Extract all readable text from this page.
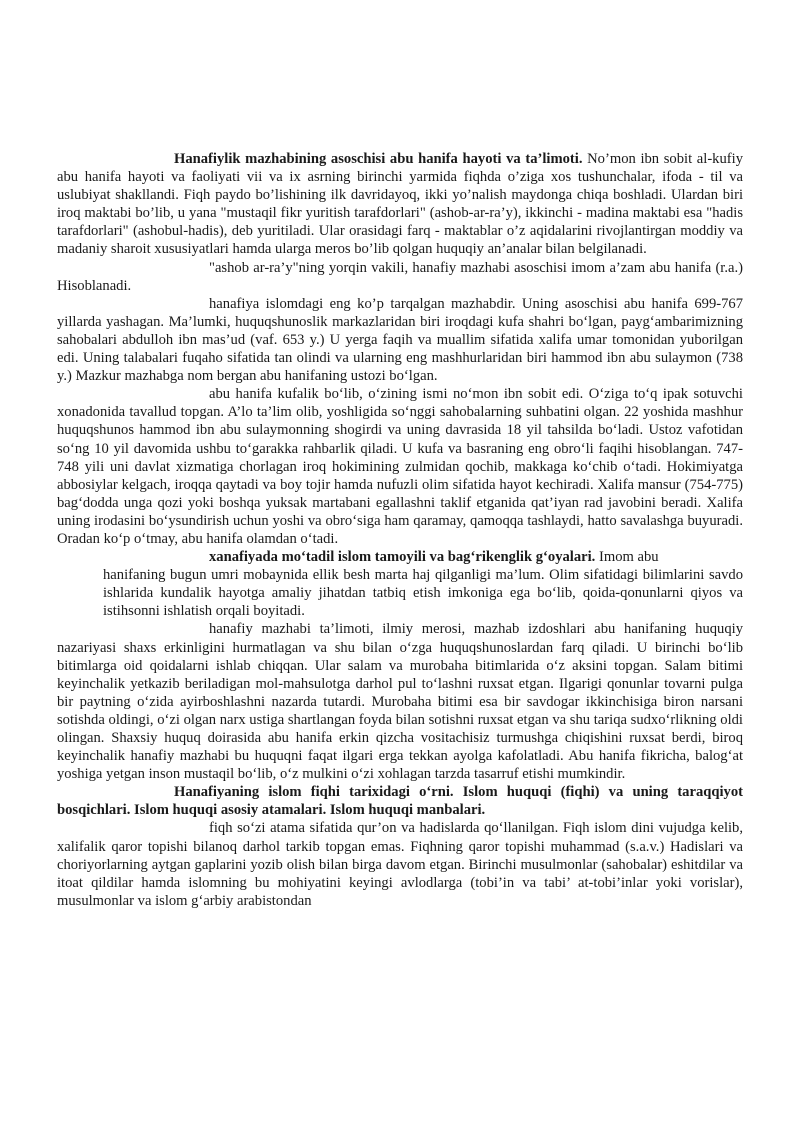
Hanafiylik mazhabining asoschisi abu hanifa hayoti va ta’limoti. No’mon ibn sobit al-kufiy abu hanifa hayoti va faoliyati vii va ix asrning birinchi yarmida fiqhda o’ziga xos tushunchalar, ifoda - til va uslubiyat shakllandi. Fiqh paydo bo’lishining ilk davridayoq, ikki yo’nalish maydonga chiqa boshladi. Ulardan biri iroq maktabi bo’lib, u yana "mustaqil fikr yuritish tarafdorlari" (ashob-ar-ra’y), ikkinchi - madina maktabi esa "hadis tarafdorlari" (ashobul-hadis), deb yuritiladi. Ular orasidagi farq - maktablar o’z aqidalarini rivojlantirgan moddiy va madaniy sharoit xususiyatlari hamda ularga meros bo’lib qolgan huquqiy an’analar bilan belgilanadi.

"ashob ar-ra’y"ning yorqin vakili, hanafiy mazhabi asoschisi imom a’zam abu hanifa (r.a.) Hisoblanadi.

hanafiya islomdagi eng ko’p tarqalgan mazhabdir. Uning asoschisi abu hanifa 699-767 yillarda yashagan. Ma’lumki, huquqshunoslik markazlaridan biri iroqdagi kufa shahri bo‘lgan, payg‘ambarimizning sahobalari abdulloh ibn mas’ud (vaf. 653 y.) U yerga faqih va muallim sifatida xalifa umar tomonidan yuborilgan edi. Uning talabalari fuqaho sifatida tan olindi va ularning eng mashhurlaridan biri hammod ibn abu sulaymon (738 y.) Mazkur mazhabga nom bergan abu hanifaning ustozi bo‘lgan.

abu hanifa kufalik bo‘lib, o‘zining ismi no‘mon ibn sobit edi. O‘ziga to‘q ipak sotuvchi xonadonida tavallud topgan. A’lo ta’lim olib, yoshligida so‘nggi sahobalarning suhbatini olgan. 22 yoshida mashhur huquqshunos hammod ibn abu sulaymonning shogirdi va uning davrasida 18 yil tahsilda bo‘ladi. Ustoz vafotidan so‘ng 10 yil davomida ushbu to‘garakka rahbarlik qiladi. U kufa va basraning eng obro‘li faqihi hisoblangan. 747-748 yili uni davlat xizmatiga chorlagan iroq hokimining zulmidan qochib, makkaga ko‘chib o‘tadi. Hokimiyatga abbosiylar kelgach, iroqqa qaytadi va boy tojir hamda nufuzli olim sifatida hayot kechiradi. Xalifa mansur (754-775) bag‘dodda unga qozi yoki boshqa yuksak martabani egallashni taklif etganida qat’iyan rad javobini beradi. Xalifa uning irodasini bo‘ysundirish uchun yoshi va obro‘siga ham qaramay, qamoqqa tashlaydi, hatto savalashga buyuradi. Oradan ko‘p o‘tmay, abu hanifa olamdan o‘tadi.

xanafiyada mo‘tadil islom tamoyili va bag‘rikenglik g‘oyalari. Imom abu

hanifaning bugun umri mobaynida ellik besh marta haj qilganligi ma’lum. Olim sifatidagi bilimlarini savdo ishlarida kundalik hayotga amaliy jihatdan tatbiq etish imkoniga ega bo‘lib, qoida-qonunlarni qiyos va istihsonni ishlatish orqali boyitadi.

hanafiy mazhabi ta’limoti, ilmiy merosi, mazhab izdoshlari abu hanifaning huquqiy nazariyasi shaxs erkinligini hurmatlagan va shu bilan o‘zga huquqshunoslardan farq qiladi. U birinchi bo‘lib bitimlarga oid qoidalarni ishlab chiqqan. Ular salam va murobaha bitimlarida o‘z aksini topgan. Salam bitimi keyinchalik yetkazib beriladigan mol-mahsulotga darhol pul to‘lashni ruxsat etgan. Ilgarigi qonunlar tovarni pulga bir paytning o‘zida ayirboshlashni nazarda tutardi. Murobaha bitimi esa bir savdogar ikkinchisiga biron narsani sotishda oldingi, o‘zi olgan narx ustiga shartlangan foyda bilan sotishni ruxsat etgan va shu tariqa sudxo‘rlikning oldi olingan. Shaxsiy huquq doirasida abu hanifa erkin qizcha vositachisiz turmushga chiqishini ruxsat berdi, biroq keyinchalik hanafiy mazhabi bu huquqni faqat ilgari erga tekkan ayolga kafolatladi. Abu hanifa fikricha, balog‘at yoshiga yetgan inson mustaqil bo‘lib, o‘z mulkini o‘zi xohlagan tarzda tasarruf etishi mumkindir.

Hanafiyaning islom fiqhi tarixidagi o‘rni. Islom huquqi (fiqhi) va uning taraqqiyot bosqichlari. Islom huquqi asosiy atamalari. Islom huquqi manbalari.

fiqh so‘zi atama sifatida qur’on va hadislarda qo‘llanilgan. Fiqh islom dini vujudga kelib, xalifalik qaror topishi bilanoq darhol tarkib topgan emas. Fiqhning qaror topishi muhammad (s.a.v.) Hadislari va choriyorlarning aytgan gaplarini yozib olish bilan birga davom etgan. Birinchi musulmonlar (sahobalar) eshitdilar va itoat qildilar hamda islomning bu mohiyatini keyingi avlodlarga (tobi’in va tabi’ at-tobi’inlar yoki vorislar), musulmonlar va islom g‘arbiy arabistondan
